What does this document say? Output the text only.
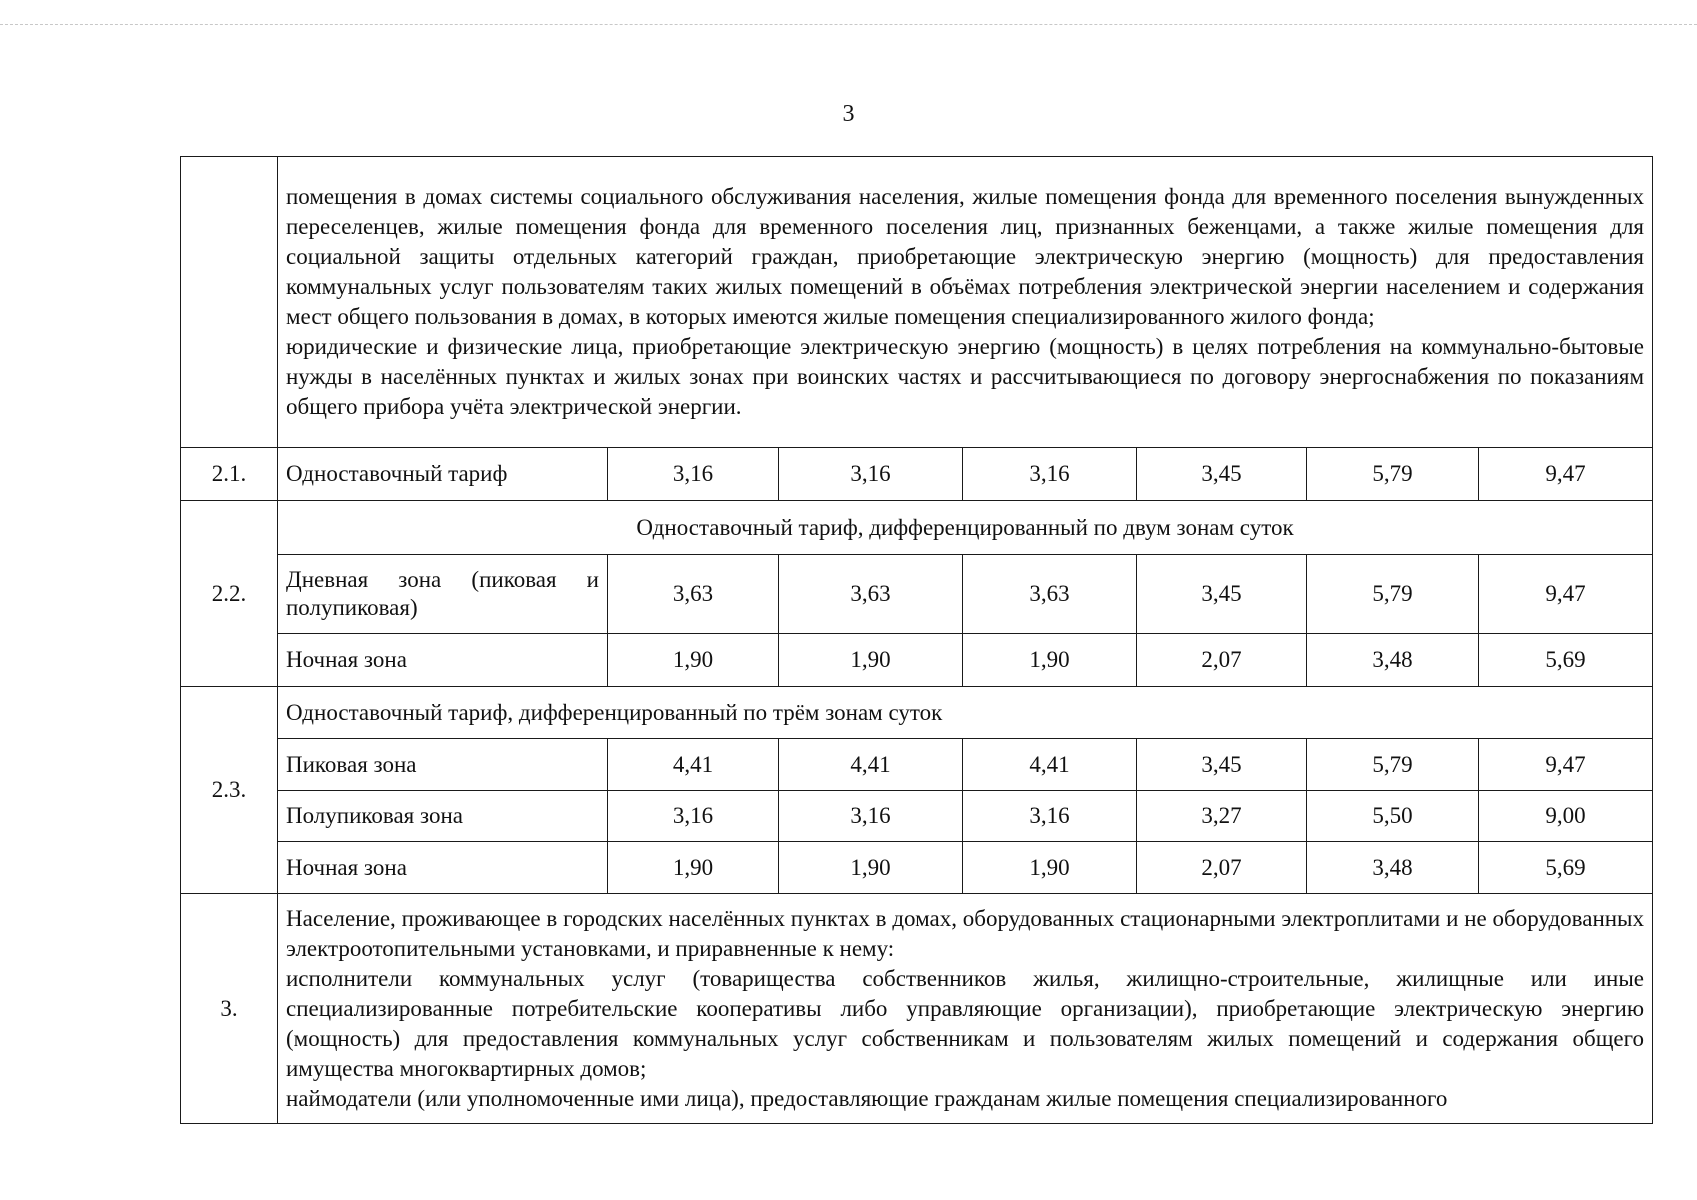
3

	помещения в домах системы социального обслуживания населения, жилые помещения фонда для временного поселения вынужденных переселенцев, жилые помещения фонда для временного поселения лиц, признанных беженцами, а также жилые помещения для социальной защиты отдельных категорий граждан, приобретающие электрическую энергию (мощность) для предоставления коммунальных услуг пользователям таких жилых помещений в объёмах потребления электрической энергии населением и содержания мест общего пользования в домах, в которых имеются жилые помещения специализированного жилого фонда;

юридические и физические лица, приобретающие электрическую энергию (мощность) в целях потребления на коммунально-бытовые нужды в населённых пунктах и жилых зонах при воинских частях и рассчитывающиеся по договору энергоснабжения по показаниям общего прибора учёта электрической энергии.						

2.1.	Одноставочный тариф	3,16	3,16	3,16	3,45	5,79	9,47
2.2.	Одноставочный тариф, дифференцированный по двум зонам суток						
	Дневная зона (пиковая и полупиковая)	3,63	3,63	3,63	3,45	5,79	9,47
	Ночная зона	1,90	1,90	1,90	2,07	3,48	5,69
2.3.	Одноставочный тариф, дифференцированный по трём зонам суток						
	Пиковая зона	4,41	4,41	4,41	3,45	5,79	9,47
	Полупиковая зона	3,16	3,16	3,16	3,27	5,50	9,00
	Ночная зона	1,90	1,90	1,90	2,07	3,48	5,69
3.	Население, проживающее в городских населённых пунктах в домах, оборудованных стационарными электроплитами и не оборудованных электроотопительными установками, и приравненные к нему:

исполнители коммунальных услуг (товарищества собственников жилья, жилищно-строительные, жилищные или иные специализированные потребительские кооперативы либо управляющие организации), приобретающие электрическую энергию (мощность) для предоставления коммунальных услуг собственникам и пользователям жилых помещений и содержания общего имущества многоквартирных домов;

наймодатели (или уполномоченные ими лица), предоставляющие гражданам жилые помещения специализированного						
